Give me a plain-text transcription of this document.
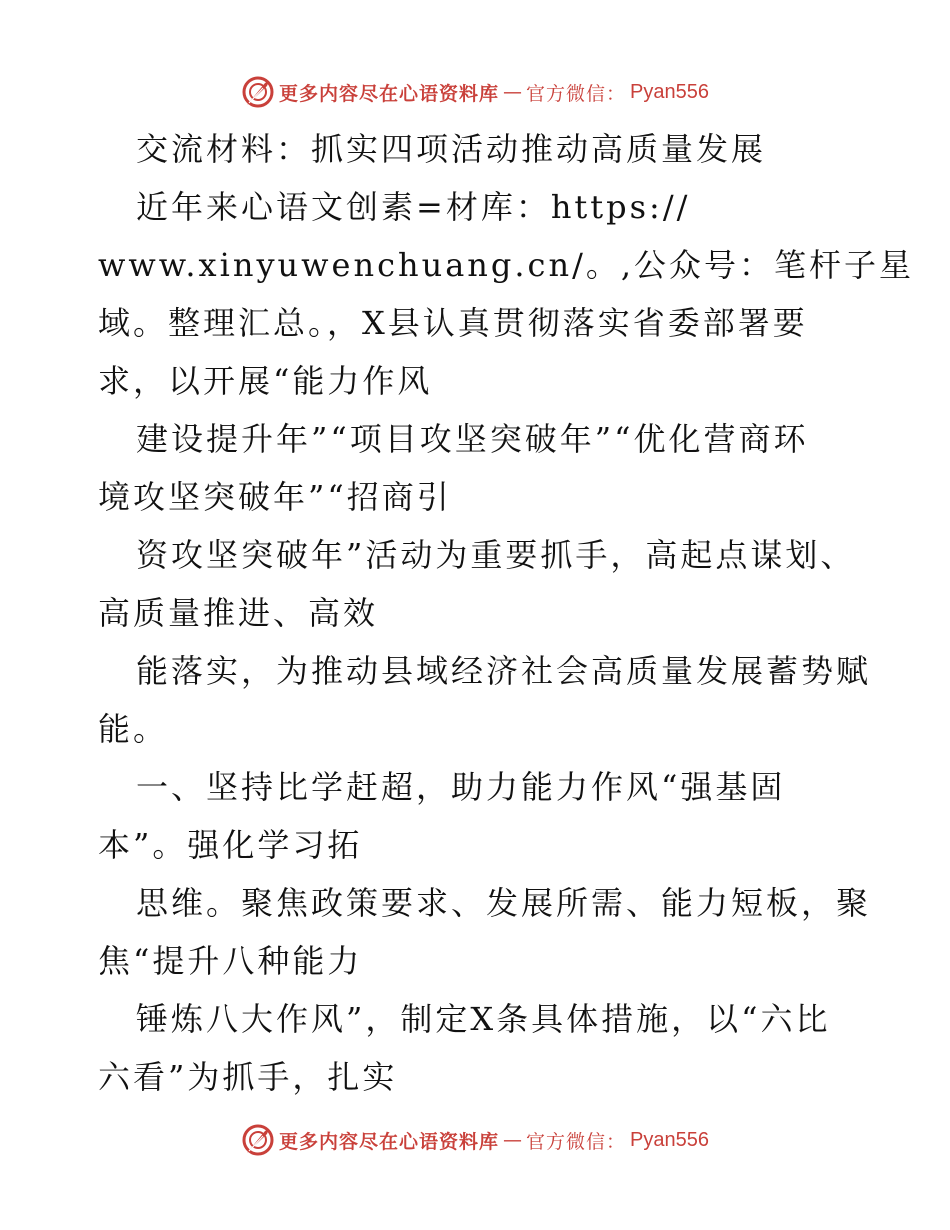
更多内容尽在心语资料库 — 官方微信： Pyan556
交流材料：抓实四项活动推动高质量发展
近年来心语文创素=材库：https://
www.xinyuwenchuang.cn/。,公众号：笔杆子星
域。整理汇总。，X县认真贯彻落实省委部署要
求，以开展“能力作风
建设提升年”“项目攻坚突破年”“优化营商环
境攻坚突破年”“招商引
资攻坚突破年”活动为重要抓手，高起点谋划、
高质量推进、高效
能落实，为推动县域经济社会高质量发展蓄势赋
能。
一、坚持比学赶超，助力能力作风“强基固
本”。强化学习拓
思维。聚焦政策要求、发展所需、能力短板，聚
焦“提升八种能力
锤炼八大作风”，制定X条具体措施，以“六比
六看”为抓手，扎实
更多内容尽在心语资料库 — 官方微信： Pyan556
